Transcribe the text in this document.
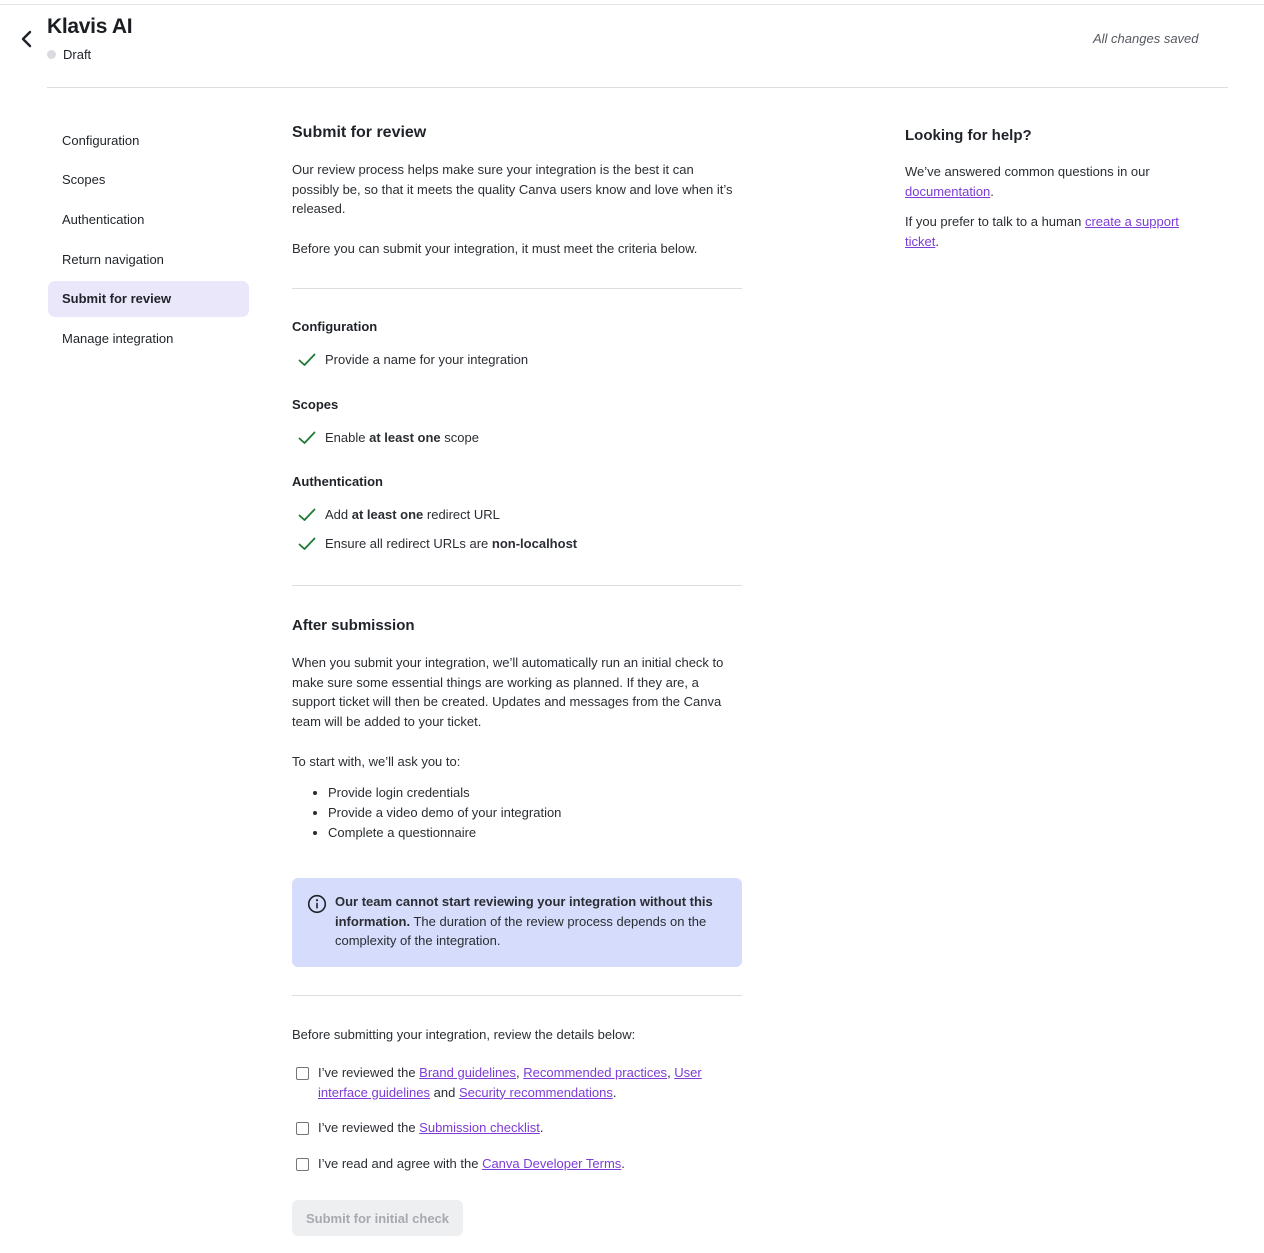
Klavis AI
Draft
All changes saved
Configuration
Scopes
Authentication
Return navigation
Submit for review
Manage integration
Submit for review

Our review process helps make sure your integration is the best it can possibly be, so that it meets the quality Canva users know and love when it’s released.

Before you can submit your integration, it must meet the criteria below.

Configuration
Provide a name for your integration
Scopes
Enable at least one scope
Authentication
Add at least one redirect URL
Ensure all redirect URLs are non-localhost
After submission

When you submit your integration, we’ll automatically run an initial check to make sure some essential things are working as planned. If they are, a support ticket will then be created. Updates and messages from the Canva team will be added to your ticket.

To start with, we’ll ask you to:

• Provide login credentials
• Provide a video demo of your integration
• Complete a questionnaire
Our team cannot start reviewing your integration without this information. The duration of the review process depends on the complexity of the integration.

Before submitting your integration, review the details below:

I’ve reviewed the Brand guidelines, Recommended practices, User interface guidelines and Security recommendations.
I’ve reviewed the Submission checklist.
I’ve read and agree with the Canva Developer Terms.
Submit for initial check
Looking for help?

We’ve answered common questions in our documentation.

If you prefer to talk to a human create a support ticket.
